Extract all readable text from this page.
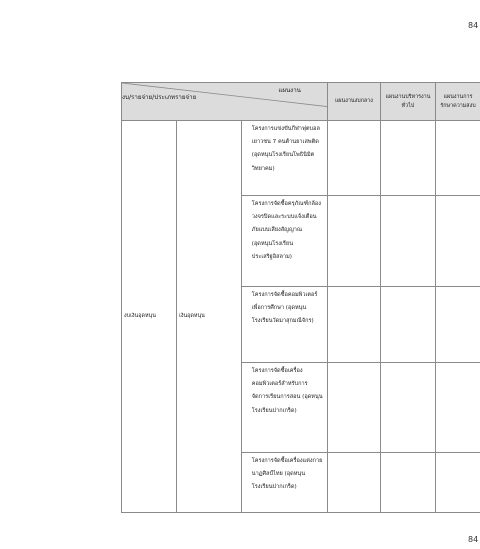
84
แผนงาน
งบ/รายจ่าย/ประเภทรายจ่าย			แผนงานงบกลาง	แผนงานบริหารงานทั่วไป	แผนงานการรักษาความสงบ

งบเงินอุดหนุน	เงินอุดหนุน	โครงการแข่งขันกีฬาฟุตบอลเยาวชน 7 คนต้านยาเสพติด (อุดหนุนโรงเรียนโพธินิมิตวิทยาคม)			

		โครงการจัดซื้อครุภัณฑ์กล้องวงจรปิดและระบบแจ้งเตือนภัยแบบเสียงสัญญาณ (อุดหนุนโรงเรียนประเสริฐอิสลาม)			

		โครงการจัดซื้อคอมพิวเตอร์เพื่อการศึกษา (อุดหนุนโรงเรียนวัดมาสุกมณีจักร)			

		โครงการจัดซื้อเครื่องคอมพิวเตอร์สำหรับการจัดการเรียนการสอน (อุดหนุนโรงเรียนปากเกร็ด)			

		โครงการจัดซื้อเครื่องแต่งกายนาฏศิลป์ไทย (อุดหนุนโรงเรียนปากเกร็ด)			

84
